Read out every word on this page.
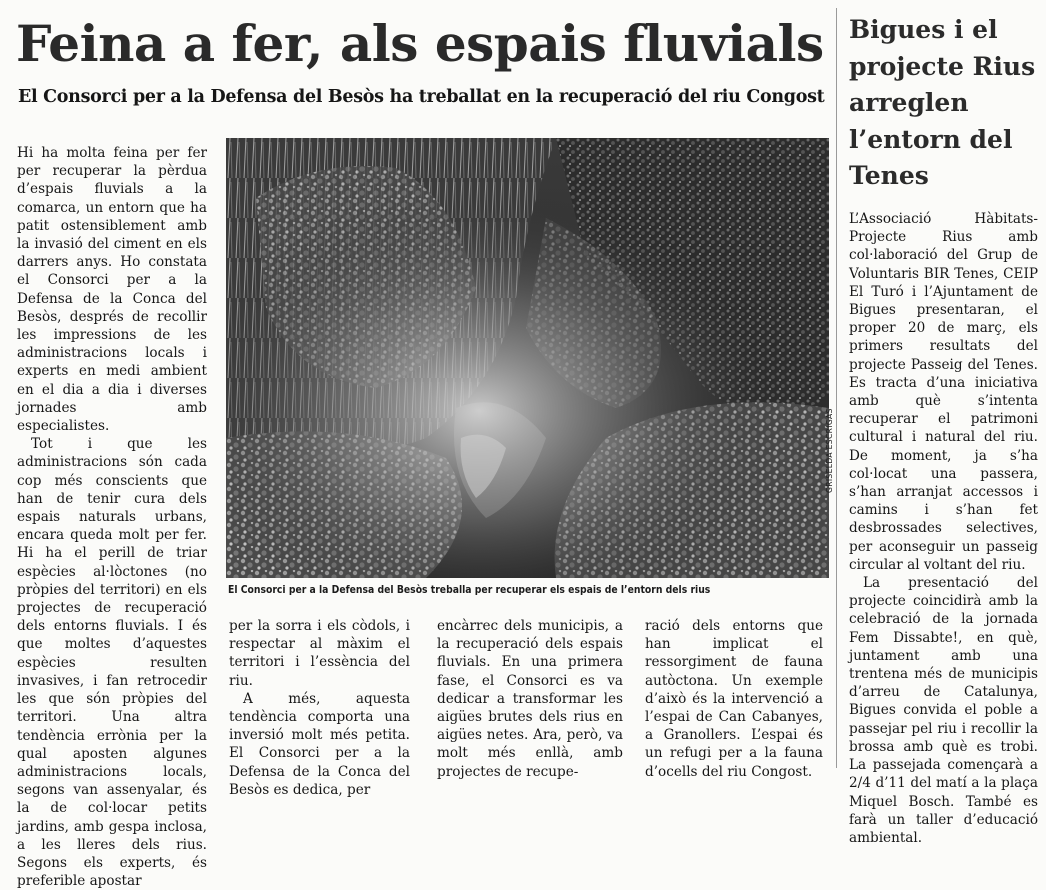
Feina a fer, als espais fluvials
El Consorci per a la Defensa del Besòs ha treballat en la recuperació del riu Congost

Hi ha molta feina per fer per recuperar la pèrdua d’espais fluvials a la comarca, un entorn que ha patit ostensiblement amb la invasió del ciment en els darrers anys. Ho constata el Consorci per a la Defensa de la Conca del Besòs, després de recollir les impressions de les administracions locals i experts en medi ambient en el dia a dia i diverses jornades amb especialistes.

Tot i que les administracions són cada cop més conscients que han de tenir cura dels espais naturals urbans, encara queda molt per fer. Hi ha el perill de triar espècies al·lòctones (no pròpies del territori) en els projectes de recuperació dels entorns fluvials. I és que moltes d’aquestes espècies resulten invasives, i fan retrocedir les que són pròpies del territori. Una altra tendència errònia per la qual aposten algunes administracions locals, segons van assenyalar, és la de col·locar petits jardins, amb gespa inclosa, a les lleres dels rius. Segons els experts, és preferible apostar

GRISELDA ESCRIGAS

El Consorci per a la Defensa del Besòs treballa per recuperar els espais de l’entorn dels rius

per la sorra i els còdols, i respectar al màxim el territori i l’essència del riu.

A més, aquesta tendència comporta una inversió molt més petita. El Consorci per a la Defensa de la Conca del Besòs es dedica, per

encàrrec dels municipis, a la recuperació dels espais fluvials. En una primera fase, el Consorci es va dedicar a transformar les aigües brutes dels rius en aigües netes. Ara, però, va molt més enllà, amb projectes de recupe-

ració dels entorns que han implicat el ressorgiment de fauna autòctona. Un exemple d’això és la intervenció a l’espai de Can Cabanyes, a Granollers. L’espai és un refugi per a la fauna d’ocells del riu Congost.

Bigues i el projecte Rius arreglen l’entorn del Tenes

L’Associació Hàbitats-Projecte Rius amb col·laboració del Grup de Voluntaris BIR Tenes, CEIP El Turó i l’Ajuntament de Bigues presentaran, el proper 20 de març, els primers resultats del projecte Passeig del Tenes. Es tracta d’una iniciativa amb què s’intenta recuperar el patrimoni cultural i natural del riu. De moment, ja s’ha col·locat una passera, s’han arranjat accessos i camins i s’han fet desbrossades selectives, per aconseguir un passeig circular al voltant del riu.

La presentació del projecte coincidirà amb la celebració de la jornada Fem Dissabte!, en què, juntament amb una trentena més de municipis d’arreu de Catalunya, Bigues convida el poble a passejar pel riu i recollir la brossa amb què es trobi. La passejada començarà a 2/4 d’11 del matí a la plaça Miquel Bosch. També es farà un taller d’educació ambiental.
